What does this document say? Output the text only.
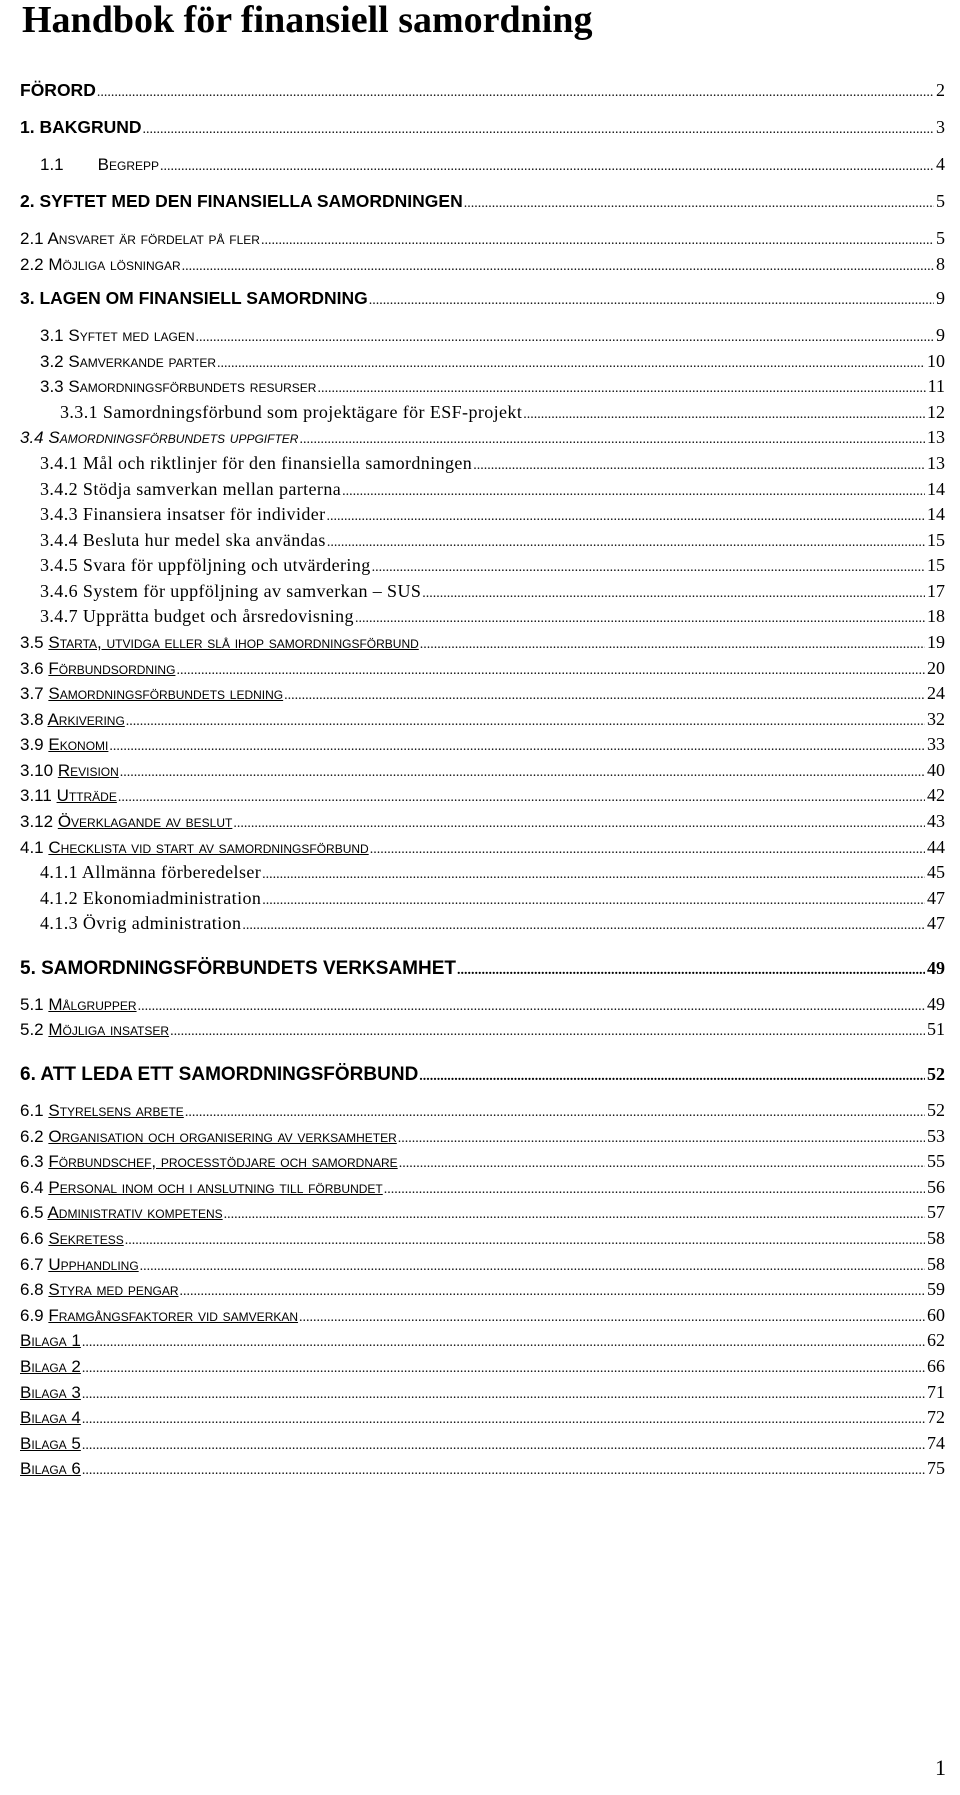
Handbok för finansiell samordning
FÖRORD .....	2
1. BAKGRUND .....	3
1.1   Begrepp .....	4
2. SYFTET MED DEN FINANSIELLA SAMORDNINGEN .....	5
2.1 Ansvaret är fördelat på fler .....	5
2.2 Möjliga lösningar .....	8
3. LAGEN OM FINANSIELL SAMORDNING .....	9
3.1 Syftet med lagen .....	9
3.2 Samverkande parter .....	10
3.3 Samordningsförbundets resurser .....	11
3.3.1 Samordningsförbund som projektägare för ESF-projekt .....	12
3.4 Samordningsförbundets uppgifter .....	13
3.4.1 Mål och riktlinjer för den finansiella samordningen .....	13
3.4.2 Stödja samverkan mellan parterna .....	14
3.4.3 Finansiera insatser för individer .....	14
3.4.4 Besluta hur medel ska användas .....	15
3.4.5 Svara för uppföljning och utvärdering .....	15
3.4.6 System för uppföljning av samverkan – SUS .....	17
3.4.7 Upprätta budget och årsredovisning .....	18
3.5 Starta, utvidga eller slå ihop samordningsförbund .....	19
3.6 Förbundsordning .....	20
3.7 Samordningsförbundets ledning .....	24
3.8 Arkivering .....	32
3.9 Ekonomi .....	33
3.10 Revision .....	40
3.11 Utträde .....	42
3.12 Överklagande av beslut .....	43
4.1 Checklista vid start av samordningsförbund .....	44
4.1.1 Allmänna förberedelser .....	45
4.1.2 Ekonomiadministration .....	47
4.1.3 Övrig administration .....	47
5. SAMORDNINGSFÖRBUNDETS VERKSAMHET .....	49
5.1 Målgrupper .....	49
5.2 Möjliga insatser .....	51
6. ATT LEDA ETT SAMORDNINGSFÖRBUND .....	52
6.1 Styrelsens arbete .....	52
6.2 Organisation och organisering av verksamheter .....	53
6.3 Förbundschef, processtödjare och samordnare .....	55
6.4 Personal inom och i anslutning till förbundet .....	56
6.5 Administrativ kompetens .....	57
6.6 Sekretess .....	58
6.7 Upphandling .....	58
6.8 Styra med pengar .....	59
6.9 Framgångsfaktorer vid samverkan .....	60
Bilaga 1 .....	62
Bilaga 2 .....	66
Bilaga 3 .....	71
Bilaga 4 .....	72
Bilaga 5 .....	74
Bilaga 6 .....	75
1
